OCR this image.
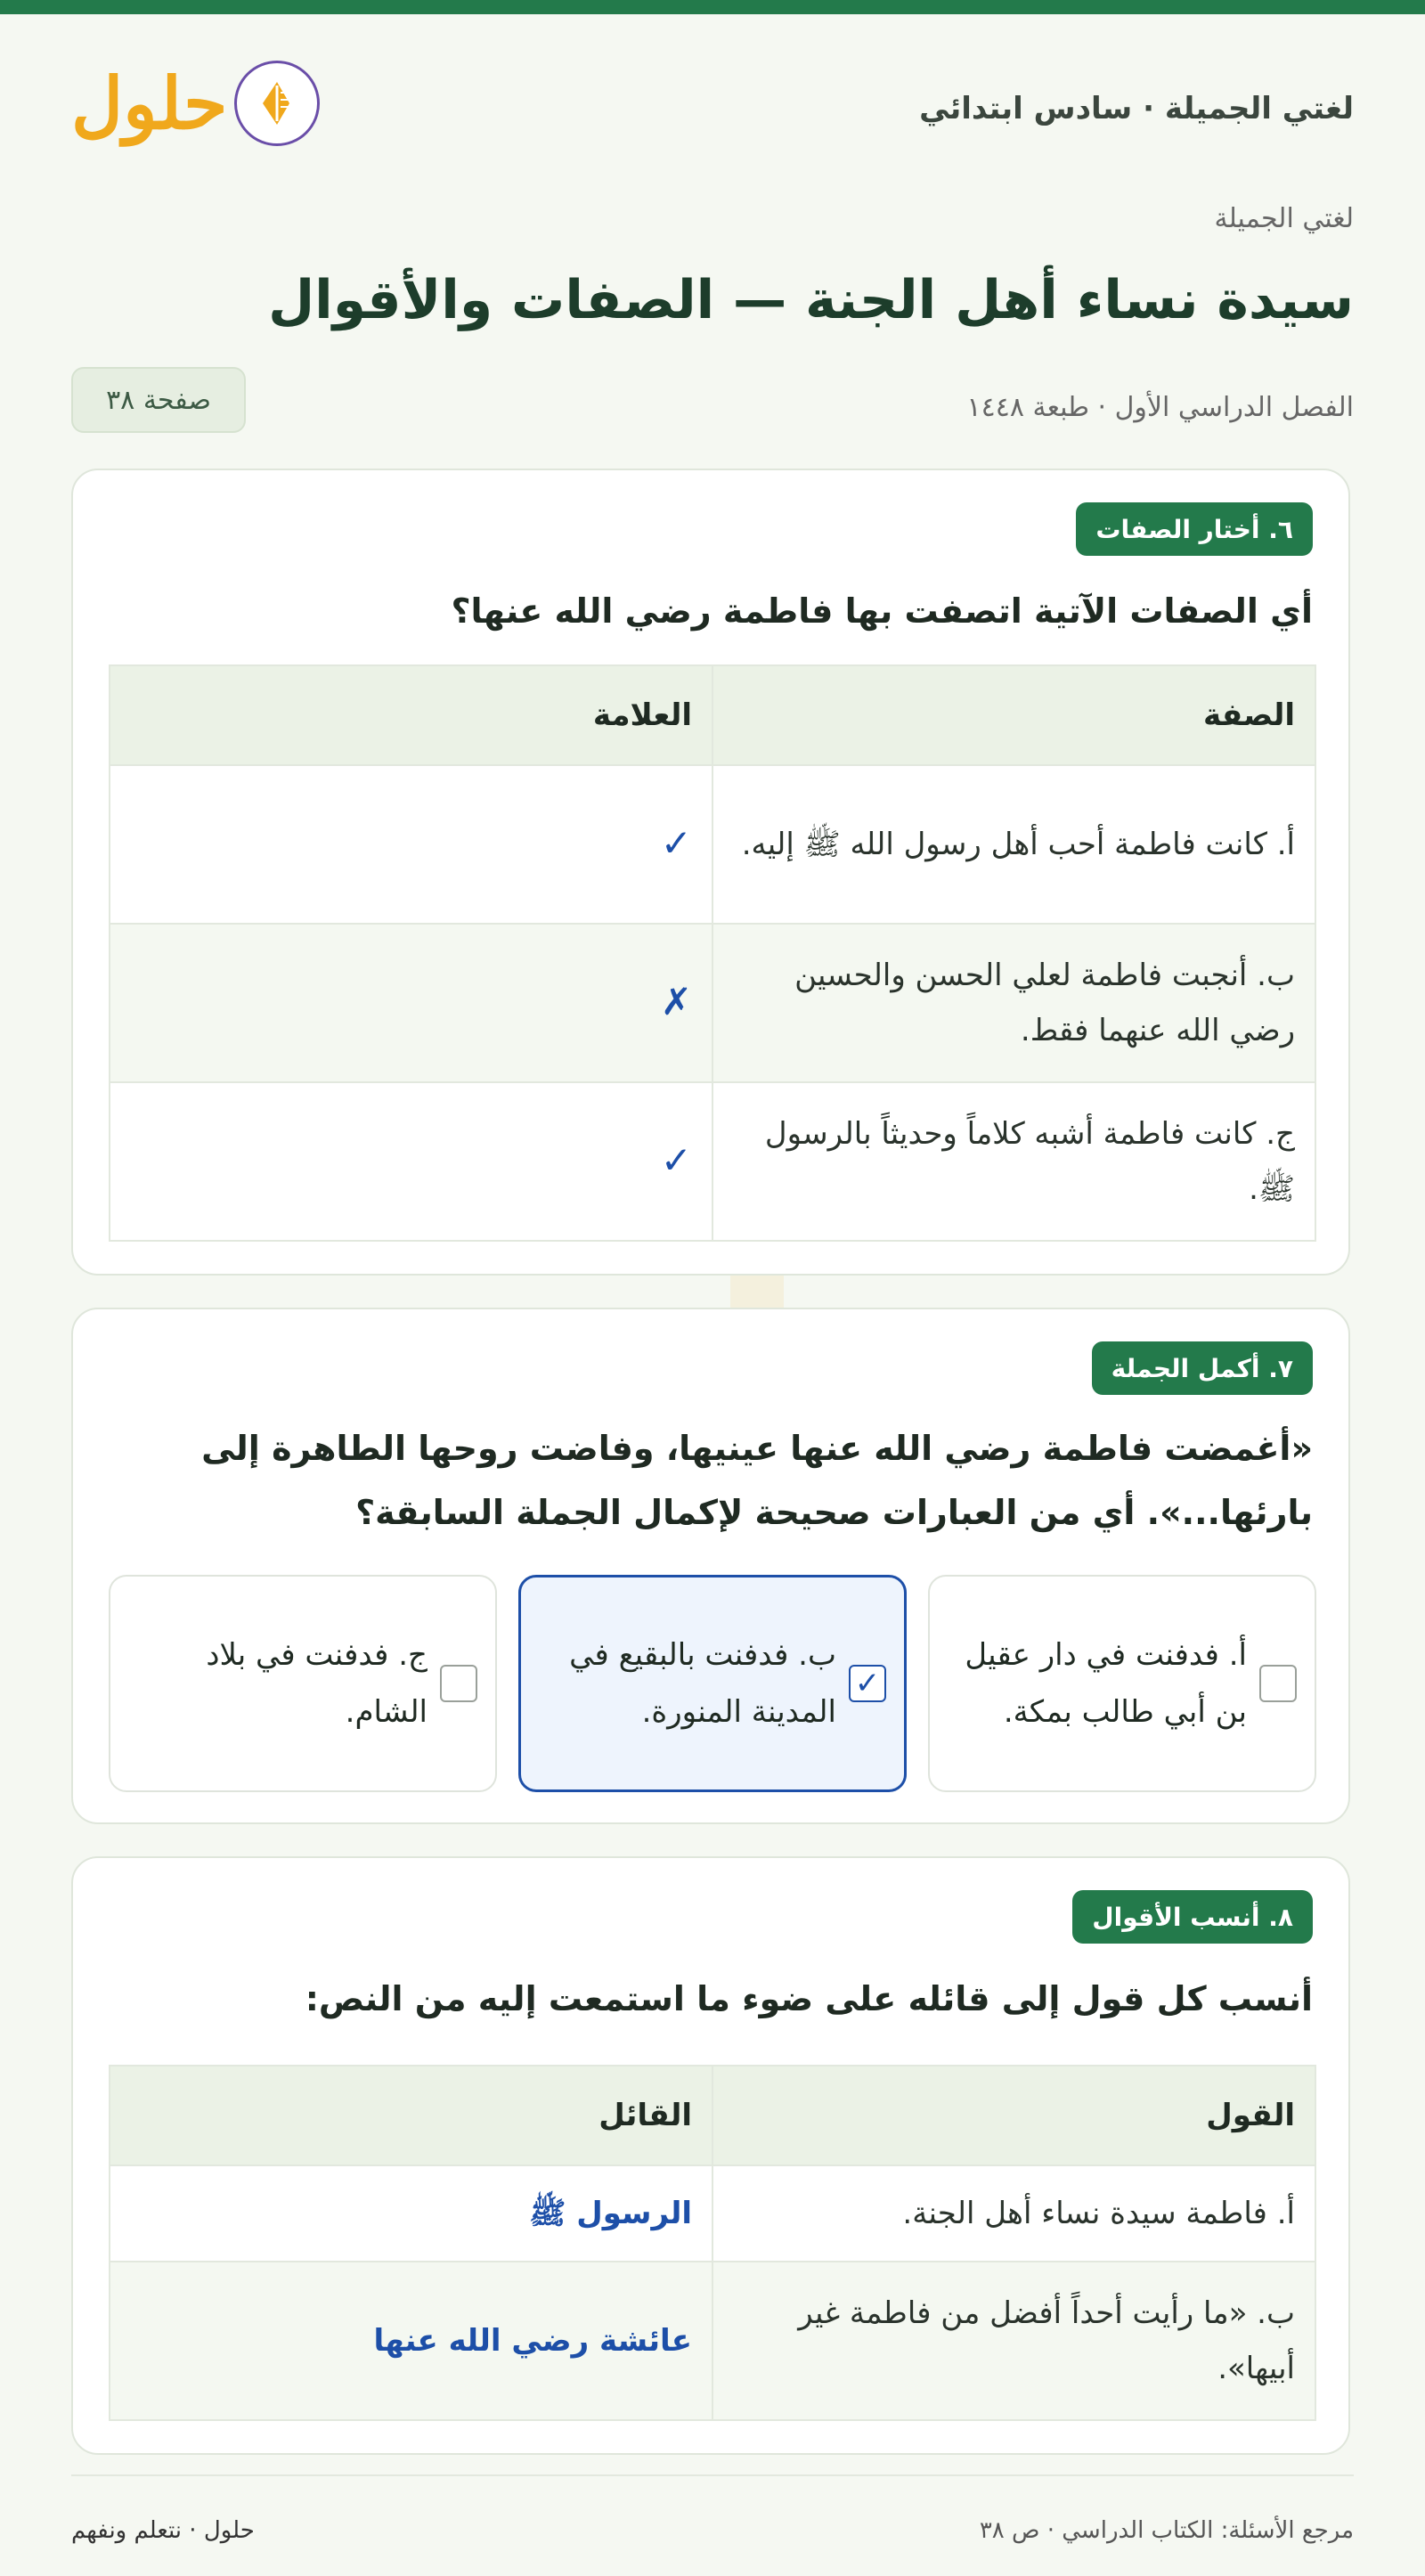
لغتي الجميلة · سادس ابتدائي
حلول
لغتي الجميلة
سيدة نساء أهل الجنة — الصفات والأقوال
الفصل الدراسي الأول · طبعة ١٤٤٨
صفحة ٣٨
٦. أختار الصفات
أي الصفات الآتية اتصفت بها فاطمة رضي الله عنها؟
الصفة	العلامة
أ. كانت فاطمة أحب أهل رسول الله ﷺ إليه.	✓
ب. أنجبت فاطمة لعلي الحسن والحسين رضي الله عنهما فقط.	✗
ج. كانت فاطمة أشبه كلاماً وحديثاً بالرسول ﷺ.	✓
٧. أكمل الجملة
«أغمضت فاطمة رضي الله عنها عينيها، وفاضت روحها الطاهرة إلى بارئها...». أي من العبارات صحيحة لإكمال الجملة السابقة؟
أ. فدفنت في دار عقيل بن أبي طالب بمكة.
✓
ب. فدفنت بالبقيع في المدينة المنورة.
ج. فدفنت في بلاد الشام.
٨. أنسب الأقوال
أنسب كل قول إلى قائله على ضوء ما استمعت إليه من النص:
القول	القائل
أ. فاطمة سيدة نساء أهل الجنة.	الرسول ﷺ
ب. «ما رأيت أحداً أفضل من فاطمة غير أبيها».	عائشة رضي الله عنها
مرجع الأسئلة: الكتاب الدراسي · ص ٣٨
حلول · نتعلم ونفهم
